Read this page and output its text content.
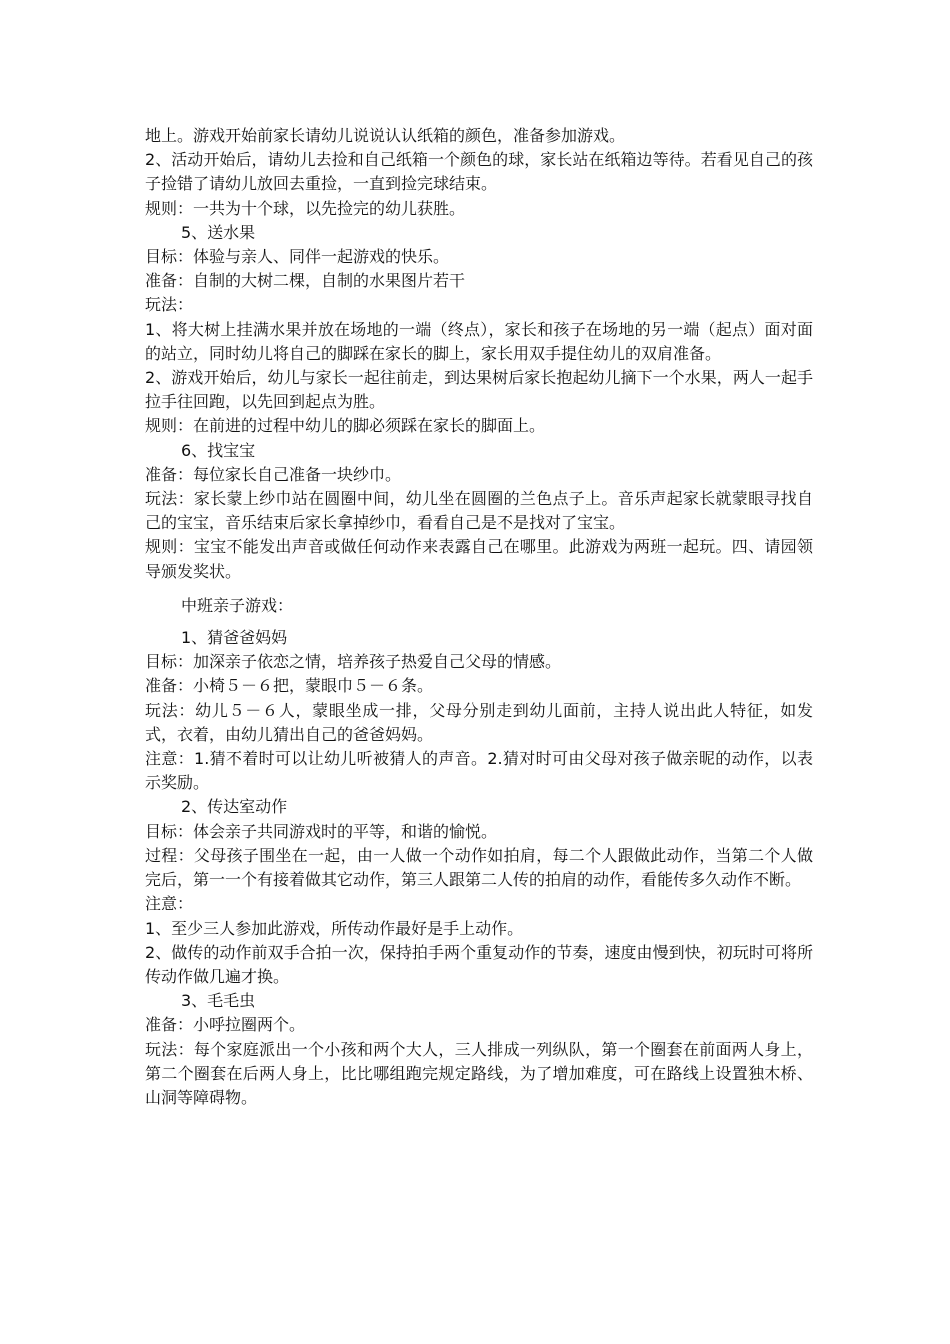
地上。游戏开始前家长请幼儿说说认认纸箱的颜色，准备参加游戏。

2、活动开始后，请幼儿去捡和自己纸箱一个颜色的球，家长站在纸箱边等待。若看见自己的孩子捡错了请幼儿放回去重捡，一直到捡完球结束。

规则：一共为十个球，以先捡完的幼儿获胜。

5、送水果

目标：体验与亲人、同伴一起游戏的快乐。

准备：自制的大树二棵，自制的水果图片若干

玩法：

1、将大树上挂满水果并放在场地的一端（终点），家长和孩子在场地的另一端（起点）面对面的站立，同时幼儿将自己的脚踩在家长的脚上，家长用双手提住幼儿的双肩准备。

2、游戏开始后，幼儿与家长一起往前走，到达果树后家长抱起幼儿摘下一个水果，两人一起手拉手往回跑，以先回到起点为胜。

规则：在前进的过程中幼儿的脚必须踩在家长的脚面上。

6、找宝宝

准备：每位家长自己准备一块纱巾。

玩法：家长蒙上纱巾站在圆圈中间，幼儿坐在圆圈的兰色点子上。音乐声起家长就蒙眼寻找自己的宝宝，音乐结束后家长拿掉纱巾，看看自己是不是找对了宝宝。

规则：宝宝不能发出声音或做任何动作来表露自己在哪里。此游戏为两班一起玩。四、请园领导颁发奖状。

中班亲子游戏：

1、猜爸爸妈妈

目标：加深亲子依恋之情，培养孩子热爱自己父母的情感。

准备：小椅５－６把，蒙眼巾５－６条。

玩法：幼儿５－６人，蒙眼坐成一排，父母分别走到幼儿面前，主持人说出此人特征，如发式，衣着，由幼儿猜出自己的爸爸妈妈。

注意：1.猜不着时可以让幼儿听被猜人的声音。2.猜对时可由父母对孩子做亲昵的动作，以表示奖励。

2、传达室动作

目标：体会亲子共同游戏时的平等，和谐的愉悦。

过程：父母孩子围坐在一起，由一人做一个动作如拍肩，每二个人跟做此动作，当第二个人做完后，第一一个有接着做其它动作，第三人跟第二人传的拍肩的动作，看能传多久动作不断。

注意：

1、至少三人参加此游戏，所传动作最好是手上动作。

2、做传的动作前双手合拍一次，保持拍手两个重复动作的节奏，速度由慢到快，初玩时可将所传动作做几遍才换。

3、毛毛虫

准备：小呼拉圈两个。

玩法：每个家庭派出一个小孩和两个大人，三人排成一列纵队，第一个圈套在前面两人身上，第二个圈套在后两人身上，比比哪组跑完规定路线，为了增加难度，可在路线上设置独木桥、山洞等障碍物。
